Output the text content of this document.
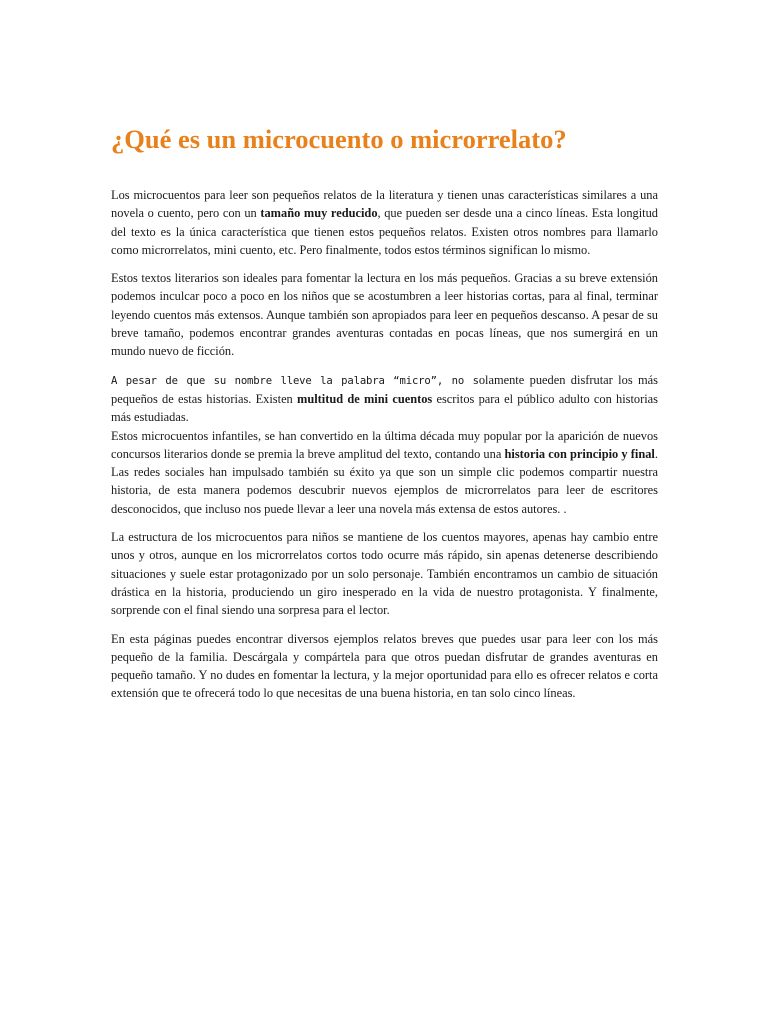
¿Qué es un microcuento o microrrelato?

Los microcuentos para leer son pequeños relatos de la literatura y tienen unas características similares a una novela o cuento, pero con un tamaño muy reducido, que pueden ser desde una a cinco líneas. Esta longitud del texto es la única característica que tienen estos pequeños relatos. Existen otros nombres para llamarlo como microrrelatos, mini cuento, etc. Pero finalmente, todos estos términos significan lo mismo.

Estos textos literarios son ideales para fomentar la lectura en los más pequeños. Gracias a su breve extensión podemos inculcar poco a poco en los niños que se acostumbren a leer historias cortas, para al final, terminar leyendo cuentos más extensos. Aunque también son apropiados para leer en pequeños descanso. A pesar de su breve tamaño, podemos encontrar grandes aventuras contadas en pocas líneas, que nos sumergirá en un mundo nuevo de ficción.

A pesar de que su nombre lleve la palabra “micro”, no solamente pueden disfrutar los más pequeños de estas historias. Existen multitud de mini cuentos escritos para el público adulto con historias más estudiadas.

Estos microcuentos infantiles, se han convertido en la última década muy popular por la aparición de nuevos concursos literarios donde se premia la breve amplitud del texto, contando una historia con principio y final. Las redes sociales han impulsado también su éxito ya que son un simple clic podemos compartir nuestra historia, de esta manera podemos descubrir nuevos ejemplos de microrrelatos para leer de escritores desconocidos, que incluso nos puede llevar a leer una novela más extensa de estos autores. .

La estructura de los microcuentos para niños se mantiene de los cuentos mayores, apenas hay cambio entre unos y otros, aunque en los microrrelatos cortos todo ocurre más rápido, sin apenas detenerse describiendo situaciones y suele estar protagonizado por un solo personaje. También encontramos un cambio de situación drástica en la historia, produciendo un giro inesperado en la vida de nuestro protagonista. Y finalmente, sorprende con el final siendo una sorpresa para el lector.

En esta páginas puedes encontrar diversos ejemplos relatos breves que puedes usar para leer con los más pequeño de la familia. Descárgala y compártela para que otros puedan disfrutar de grandes aventuras en pequeño tamaño. Y no dudes en fomentar la lectura, y la mejor oportunidad para ello es ofrecer relatos e corta extensión que te ofrecerá todo lo que necesitas de una buena historia, en tan solo cinco líneas.
